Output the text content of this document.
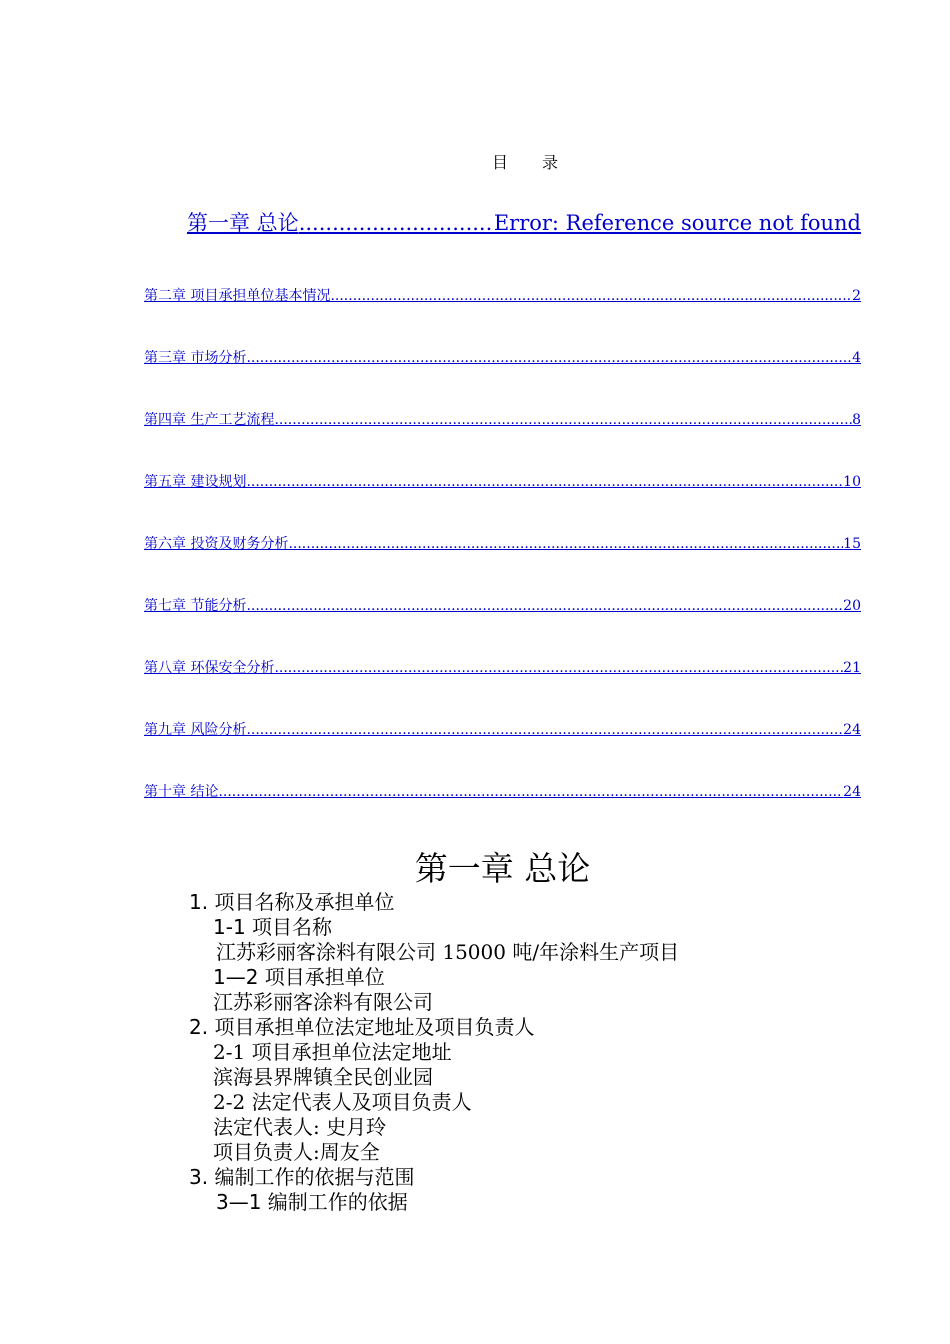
目 录
第一章 总论 .....	Error: Reference source not found
第二章 项目承担单位基本情况 .....	2
第三章 市场分析 .....	4
第四章 生产工艺流程 .....	8
第五章 建设规划 .....	10
第六章 投资及财务分析 .....	15
第七章 节能分析 .....	20
第八章 环保安全分析 .....	21
第九章 风险分析 .....	24
第十章 结论 .....	24
第一章 总论
1. 项目名称及承担单位
1-1 项目名称
江苏彩丽客涂料有限公司 15000 吨/年涂料生产项目
1—2 项目承担单位
江苏彩丽客涂料有限公司
2. 项目承担单位法定地址及项目负责人
2-1 项目承担单位法定地址
滨海县界牌镇全民创业园
2-2 法定代表人及项目负责人
法定代表人: 史月玲
项目负责人:周友全
3. 编制工作的依据与范围
3—1 编制工作的依据
